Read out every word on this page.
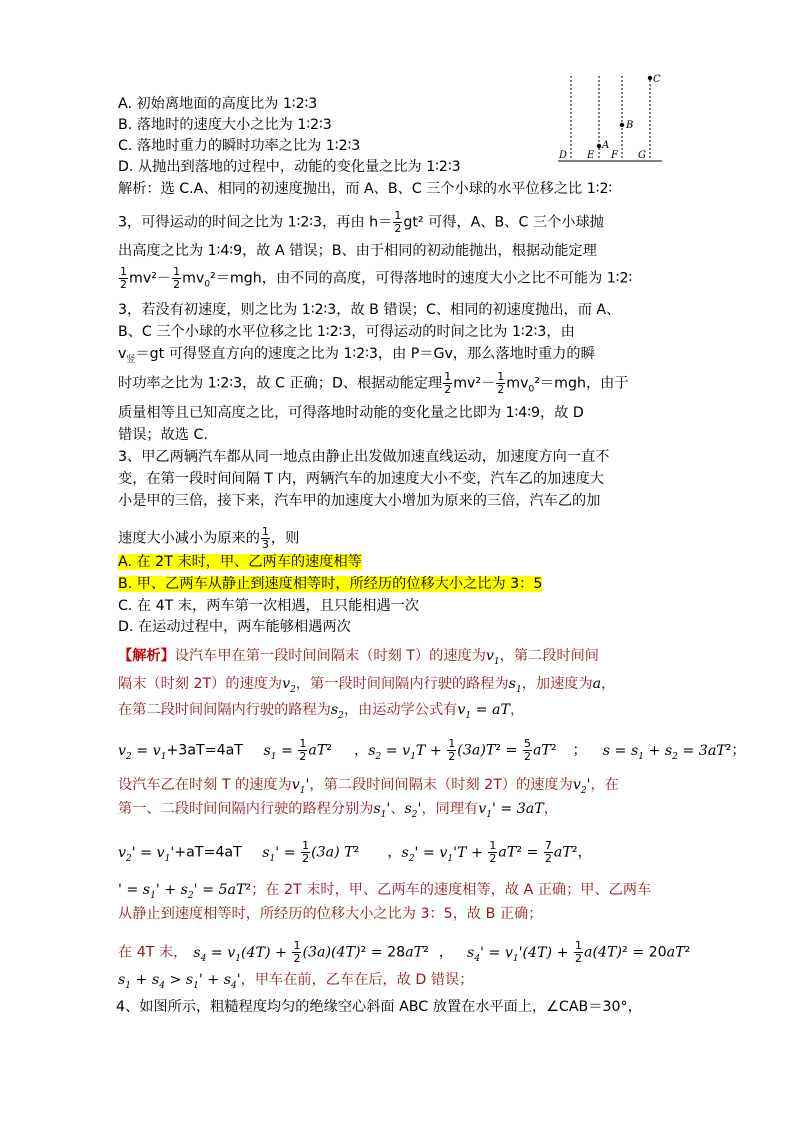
C
B
A
D E F G
A. 初始离地面的高度比为 1∶2∶3
B. 落地时的速度大小之比为 1∶2∶3
C. 落地时重力的瞬时功率之比为 1∶2∶3
D. 从抛出到落地的过程中，动能的变化量之比为 1∶2∶3
解析：选 C.A、相同的初速度抛出，而 A、B、C 三个小球的水平位移之比 1∶2∶
3，可得运动的时间之比为 1∶2∶3，再由 $h= \frac{1}{2} gt^2$ 可得，A、B、C 三个小球抛
出高度之比为 1∶4∶9，故 A 错误；B、由于相同的初动能抛出，根据动能定理
$\frac{1}{2} mv^2- \frac{1}{2} mv_0^2=mgh$，由不同的高度，可得落地时的速度大小之比不可能为 1∶2∶
3，若没有初速度，则之比为 1∶2∶3，故 B 错误；C、相同的初速度抛出，而 A、
B、C 三个小球的水平位移之比 1∶2∶3，可得运动的时间之比为 1∶2∶3，由
$v_竖=gt$ 可得竖直方向的速度之比为 1∶2∶3，由 P＝Gv，那么落地时重力的瞬
时功率之比为 1∶2∶3，故 C 正确；D、根据动能定理 $\frac{1}{2} mv^2- \frac{1}{2} mv_0^2=mgh$，由于
质量相等且已知高度之比，可得落地时动能的变化量之比即为 1∶4∶9，故 D
错误；故选 C.
3、甲乙两辆汽车都从同一地点由静止出发做加速直线运动，加速度方向一直不
变，在第一段时间间隔 T 内，两辆汽车的加速度大小不变，汽车乙的加速度大
小是甲的三倍，接下来，汽车甲的加速度大小增加为原来的三倍，汽车乙的加
速度大小减小为原来的 $\frac{1}{3}$ ，则
A. 在 2T 末时，甲、乙两车的速度相等
B. 甲、乙两车从静止到速度相等时，所经历的位移大小之比为 3：5
C. 在 4T 末，两车第一次相遇，且只能相遇一次
D. 在运动过程中，两车能够相遇两次
【解析】设汽车甲在第一段时间间隔末（时刻 T）的速度为$v_1$，第二段时间间
隔末（时刻 2T）的速度为$v_2$，第一段时间间隔内行驶的路程为$s_1$，加速度为a，
在第二段时间间隔内行驶的路程为$s_2$，由运动学公式有$v_1$ = aT，
$v_2 = v_1+3aT=4aT$ $s_1 = \frac{1}{2} aT^2$ ，$s_2 = v_1T + \frac{1}{2} (3a)T^2 = \frac{5}{2} aT^2$ ； $s = s_1 + s_2 = 3aT^2$；
设汽车乙在时刻 T 的速度为$v_1'$，第二段时间间隔末（时刻 2T）的速度为$v_2'$，在
第一、二段时间间隔内行驶的路程分别为$s_1'$、$s_2'$，同理有$v_1' = 3aT$，
$v_2' = v_1'+aT=4aT$ $s_1' = \frac{1}{2} (3a)$ T² ，$s_2' = v_1'T + \frac{1}{2} aT^2 = \frac{7}{2} aT^2$，
' = $s_1' + s_2' = 5aT^2$；在 2T 末时，甲、乙两车的速度相等，故 A 正确；甲、乙两车
从静止到速度相等时，所经历的位移大小之比为 3：5，故 B 正确；
在 4T 末， $s_4 = v_1(4T) + \frac{1}{2} (3a)(4T)^2 = 28aT^2$ ， $s_4' = v_1'(4T) + \frac{1}{2} a(4T)^2 = 20aT^2$
$s_1 + s_4 > s_1' + s_4'$，甲车在前，乙车在后，故 D 错误；
4、如图所示，粗糙程度均匀的绝缘空心斜面 ABC 放置在水平面上，∠CAB＝30°，
